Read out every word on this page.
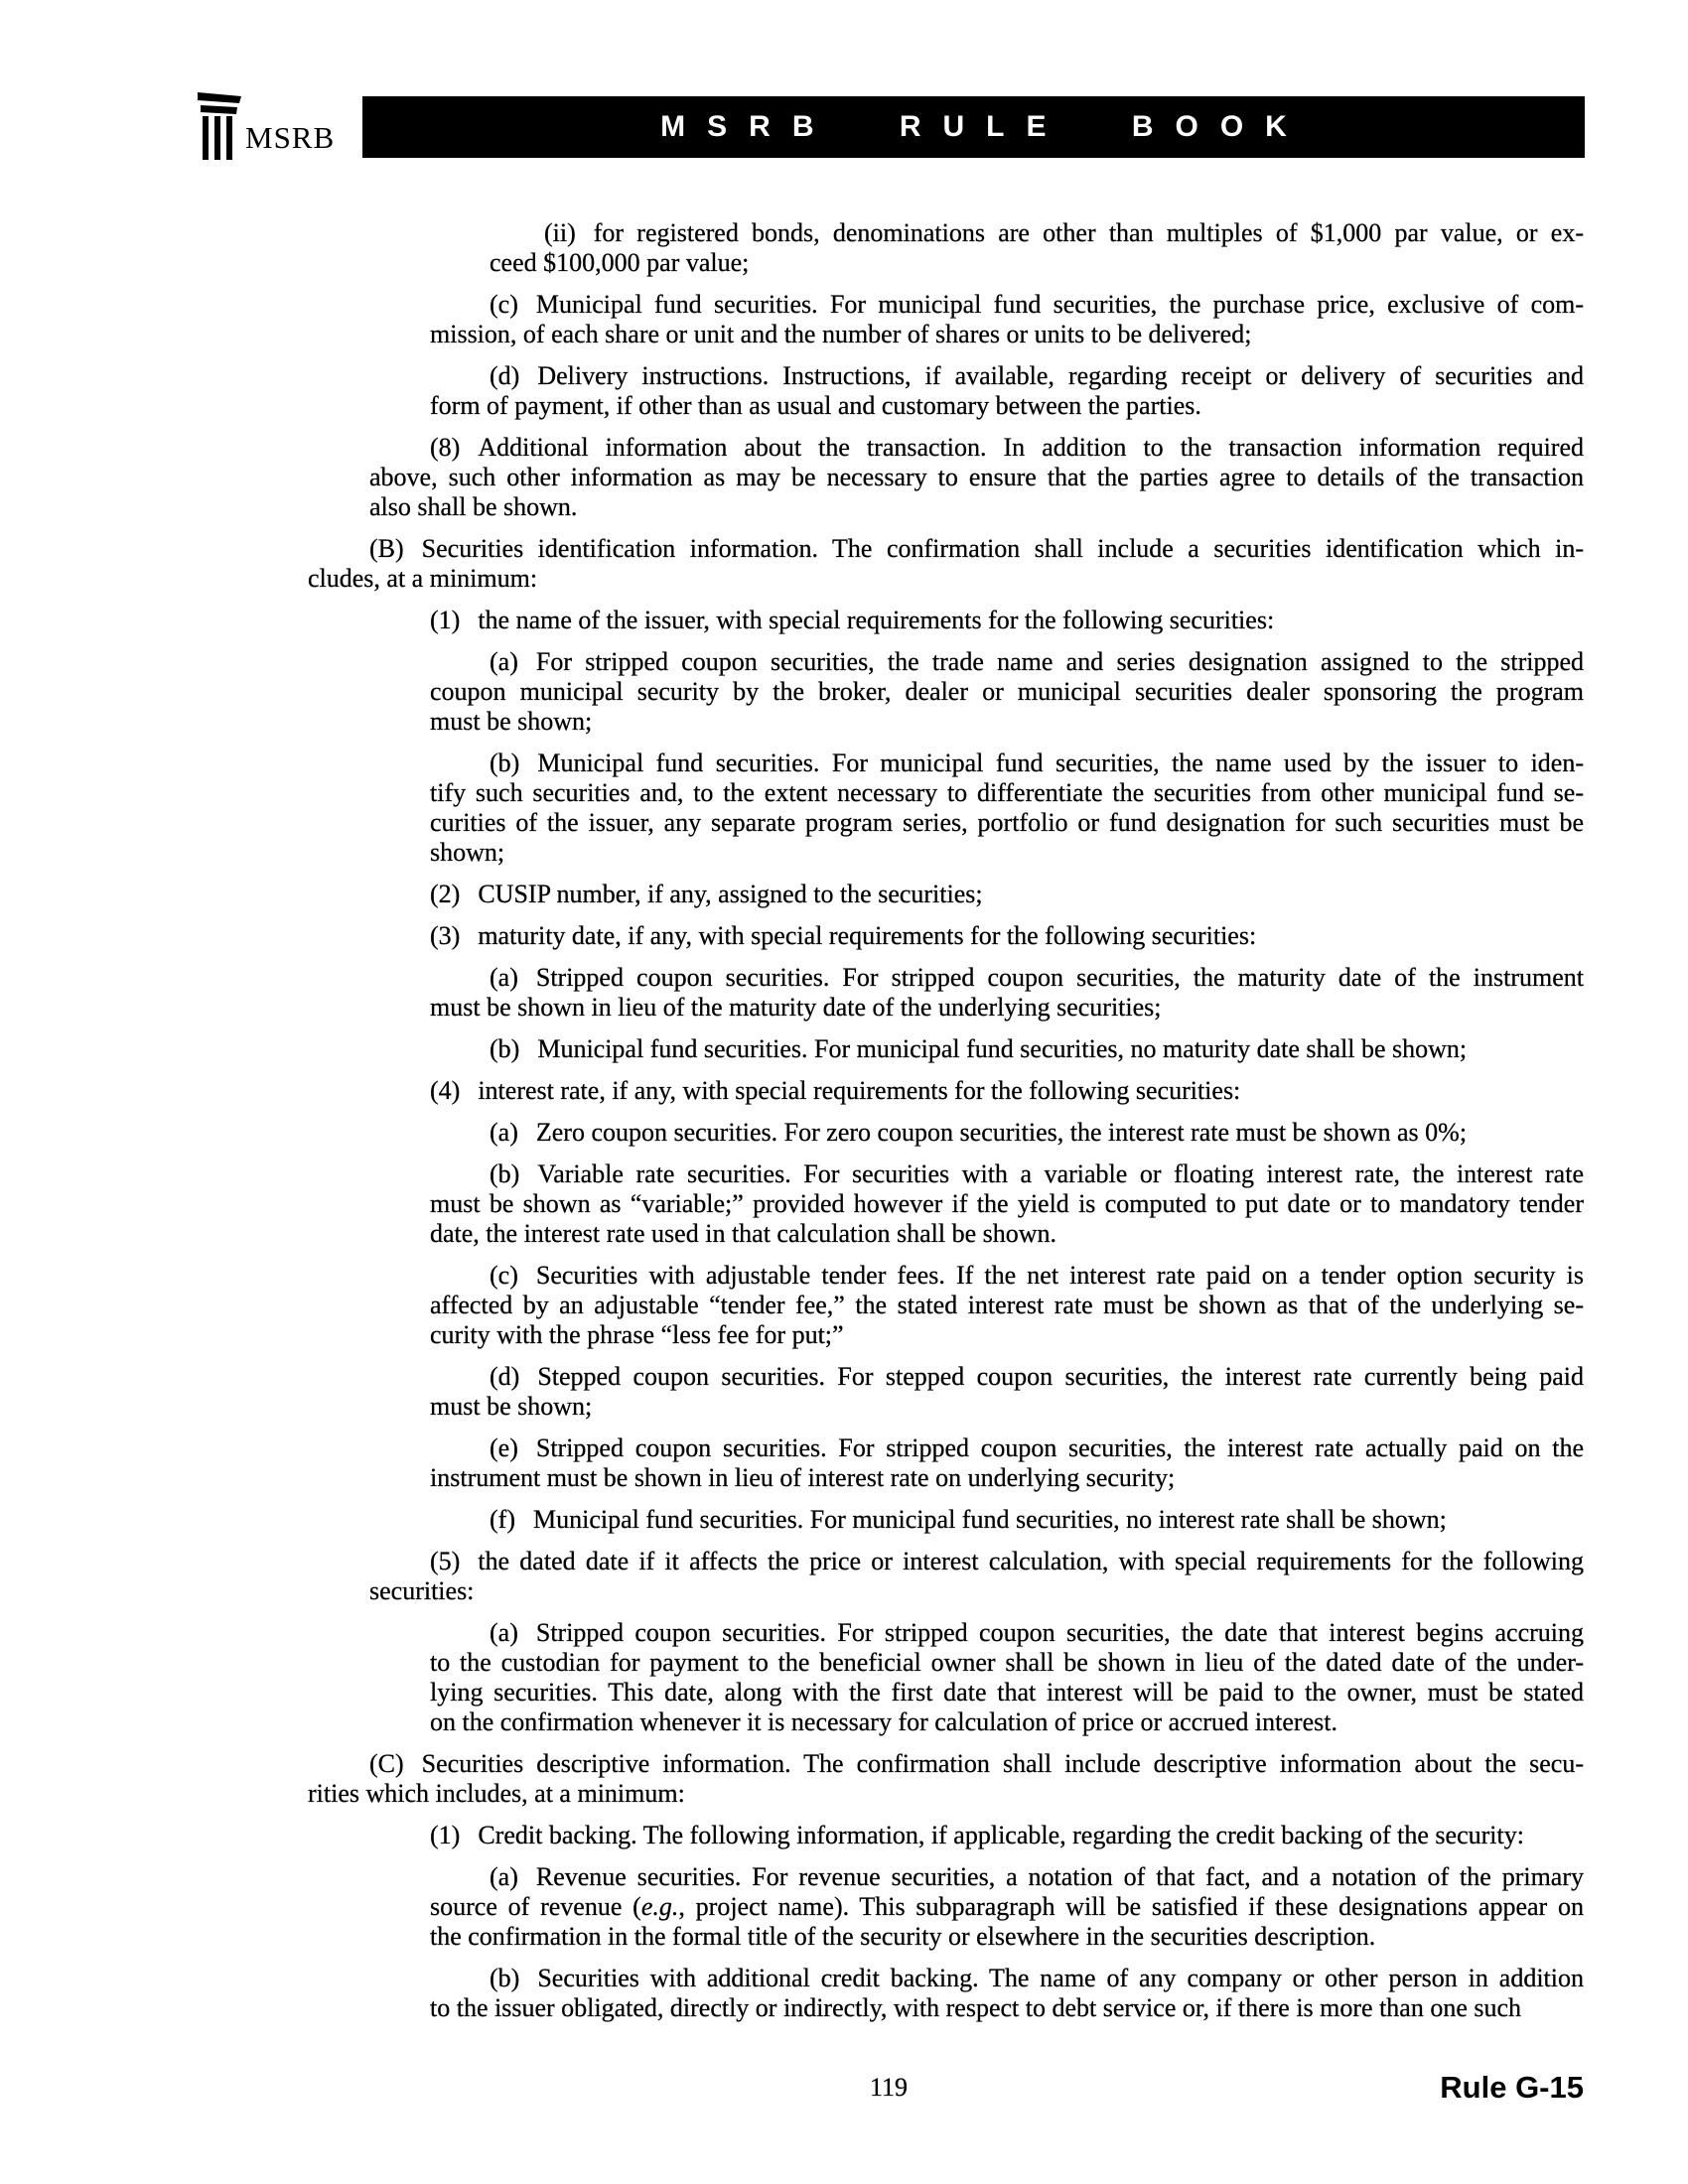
MSRB	MSRB RULE BOOK
(ii) for registered bonds, denominations are other than multiples of $1,000 par value, or ex-
ceed $100,000 par value;
(c) Municipal fund securities. For municipal fund securities, the purchase price, exclusive of com-
mission, of each share or unit and the number of shares or units to be delivered;
(d) Delivery instructions. Instructions, if available, regarding receipt or delivery of securities and
form of payment, if other than as usual and customary between the parties.
(8) Additional information about the transaction. In addition to the transaction information required
above, such other information as may be necessary to ensure that the parties agree to details of the transaction
also shall be shown.
(B) Securities identification information. The confirmation shall include a securities identification which in-
cludes, at a minimum:
(1) the name of the issuer, with special requirements for the following securities:
(a) For stripped coupon securities, the trade name and series designation assigned to the stripped
coupon municipal security by the broker, dealer or municipal securities dealer sponsoring the program
must be shown;
(b) Municipal fund securities. For municipal fund securities, the name used by the issuer to iden-
tify such securities and, to the extent necessary to differentiate the securities from other municipal fund se-
curities of the issuer, any separate program series, portfolio or fund designation for such securities must be
shown;
(2) CUSIP number, if any, assigned to the securities;
(3) maturity date, if any, with special requirements for the following securities:
(a) Stripped coupon securities. For stripped coupon securities, the maturity date of the instrument
must be shown in lieu of the maturity date of the underlying securities;
(b) Municipal fund securities. For municipal fund securities, no maturity date shall be shown;
(4) interest rate, if any, with special requirements for the following securities:
(a) Zero coupon securities. For zero coupon securities, the interest rate must be shown as 0%;
(b) Variable rate securities. For securities with a variable or floating interest rate, the interest rate
must be shown as “variable;” provided however if the yield is computed to put date or to mandatory tender
date, the interest rate used in that calculation shall be shown.
(c) Securities with adjustable tender fees. If the net interest rate paid on a tender option security is
affected by an adjustable “tender fee,” the stated interest rate must be shown as that of the underlying se-
curity with the phrase “less fee for put;”
(d) Stepped coupon securities. For stepped coupon securities, the interest rate currently being paid
must be shown;
(e) Stripped coupon securities. For stripped coupon securities, the interest rate actually paid on the
instrument must be shown in lieu of interest rate on underlying security;
(f) Municipal fund securities. For municipal fund securities, no interest rate shall be shown;
(5) the dated date if it affects the price or interest calculation, with special requirements for the following
securities:
(a) Stripped coupon securities. For stripped coupon securities, the date that interest begins accruing
to the custodian for payment to the beneficial owner shall be shown in lieu of the dated date of the under-
lying securities. This date, along with the first date that interest will be paid to the owner, must be stated
on the confirmation whenever it is necessary for calculation of price or accrued interest.
(C) Securities descriptive information. The confirmation shall include descriptive information about the secu-
rities which includes, at a minimum:
(1) Credit backing. The following information, if applicable, regarding the credit backing of the security:
(a) Revenue securities. For revenue securities, a notation of that fact, and a notation of the primary
source of revenue (e.g., project name). This subparagraph will be satisfied if these designations appear on
the confirmation in the formal title of the security or elsewhere in the securities description.
(b) Securities with additional credit backing. The name of any company or other person in addition
to the issuer obligated, directly or indirectly, with respect to debt service or, if there is more than one such
119	Rule G-15
